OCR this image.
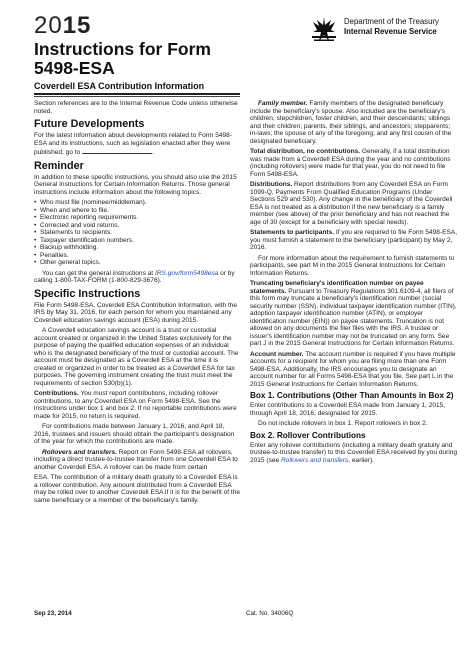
2015
Instructions for Form
5498-ESA
Coverdell ESA Contribution Information
Department of the Treasury
Internal Revenue Service

Section references are to the Internal Revenue Code unless otherwise noted.

Future Developments

For the latest information about developments related to Form 5498-ESA and its instructions, such as legislation enacted after they were published, go to	.

Reminder

In addition to these specific instructions, you should also use the 2015 General Instructions for Certain Information Returns. Those general instructions include information about the following topics.

• Who must file (nominee/middleman).
• When and where to file.
• Electronic reporting requirements.
• Corrected and void returns.
• Statements to recipients.
• Taxpayer identification numbers.
• Backup withholding.
• Penalties.
• Other general topics.

You can get the general instructions at IRS.gov/form5498esa or by calling 1-800-TAX-FORM (1-800-829-3676).

Specific Instructions

File Form 5498-ESA, Coverdell ESA Contribution Information, with the IRS by May 31, 2016, for each person for whom you maintained any Coverdell education savings account (ESA) during 2015.

A Coverdell education savings account is a trust or custodial account created or organized in the United States exclusively for the purpose of paying the qualified education expenses of an individual who is the designated beneficiary of the trust or custodial account. The account must be designated as a Coverdell ESA at the time it is created or organized in order to be treated as a Coverdell ESA for tax purposes. The governing instrument creating the trust must meet the requirements of section 530(b)(1).

Contributions. You must report contributions, including rollover contributions, to any Coverdell ESA on Form 5498-ESA. See the instructions under box 1 and box 2. If no reportable contributions were made for 2015, no return is required.

For contributions made between January 1, 2016, and April 18, 2016, trustees and issuers should obtain the participant's designation of the year for which the contributions are made.

Rollovers and transfers. Report on Form 5498-ESA all rollovers, including a direct trustee-to-trustee transfer from one Coverdell ESA to another Coverdell ESA. A rollover can be made from certain

ESA. The contribution of a military death gratuity to a Coverdell ESA is a rollover contribution. Any amount distributed from a Coverdell ESA may be rolled over to another Coverdell ESA if it is for the benefit of the same beneficiary or a member of the beneficiary's family.

Family member. Family members of the designated beneficiary include the beneficiary's spouse. Also included are the beneficiary's children, stepchildren, foster children, and their descendants; siblings and their children; parents, their siblings, and ancestors; stepparents; in-laws; the spouse of any of the foregoing; and any first cousin of the designated beneficiary.

Total distribution, no contributions. Generally, if a total distribution was made from a Coverdell ESA during the year and no contributions (including rollovers) were made for that year, you do not need to file Form 5498-ESA.

Distributions. Report distributions from any Coverdell ESA on Form 1099-Q, Payments From Qualified Education Programs (Under Sections 529 and 530). Any change in the beneficiary of the Coverdell ESA is not treated as a distribution if the new beneficiary is a family member (see above) of the prior beneficiary and has not reached the age of 30 (except for a beneficiary with special needs).

Statements to participants. If you are required to file Form 5498-ESA, you must furnish a statement to the beneficiary (participant) by May 2, 2016.

For more information about the requirement to furnish statements to participants, see part M in the 2015 General Instructions for Certain Information Returns.

Truncating beneficiary's identification number on payee statements. Pursuant to Treasury Regulations 301.6109-4, all filers of this form may truncate a beneficiary's identification number (social security number (SSN), individual taxpayer identification number (ITIN), adoption taxpayer identification number (ATIN), or employer identification number (EIN)) on payee statements. Truncation is not allowed on any documents the filer files with the IRS. A trustee or issuer's identification number may not be truncated on any form. See part J in the 2015 General Instructions for Certain Information Returns.

Account number. The account number is required if you have multiple accounts for a recipient for whom you are filing more than one Form 5498-ESA. Additionally, the IRS encourages you to designate an account number for all Forms 5498-ESA that you file. See part L in the 2015 General Instructions for Certain Information Returns.

Box 1. Contributions (Other Than Amounts in Box 2)

Enter contributions to a Coverdell ESA made from January 1, 2015, through April 18, 2016, designated for 2015.

Do not include rollovers in box 1. Report rollovers in box 2.

Box 2. Rollover Contributions

Enter any rollover contributions (including a military death gratuity and trustee-to-trustee transfer) to this Coverdell ESA received by you during 2015 (see Rollovers and transfers, earlier).

Sep 23, 2014	Cat. No. 34006Q
